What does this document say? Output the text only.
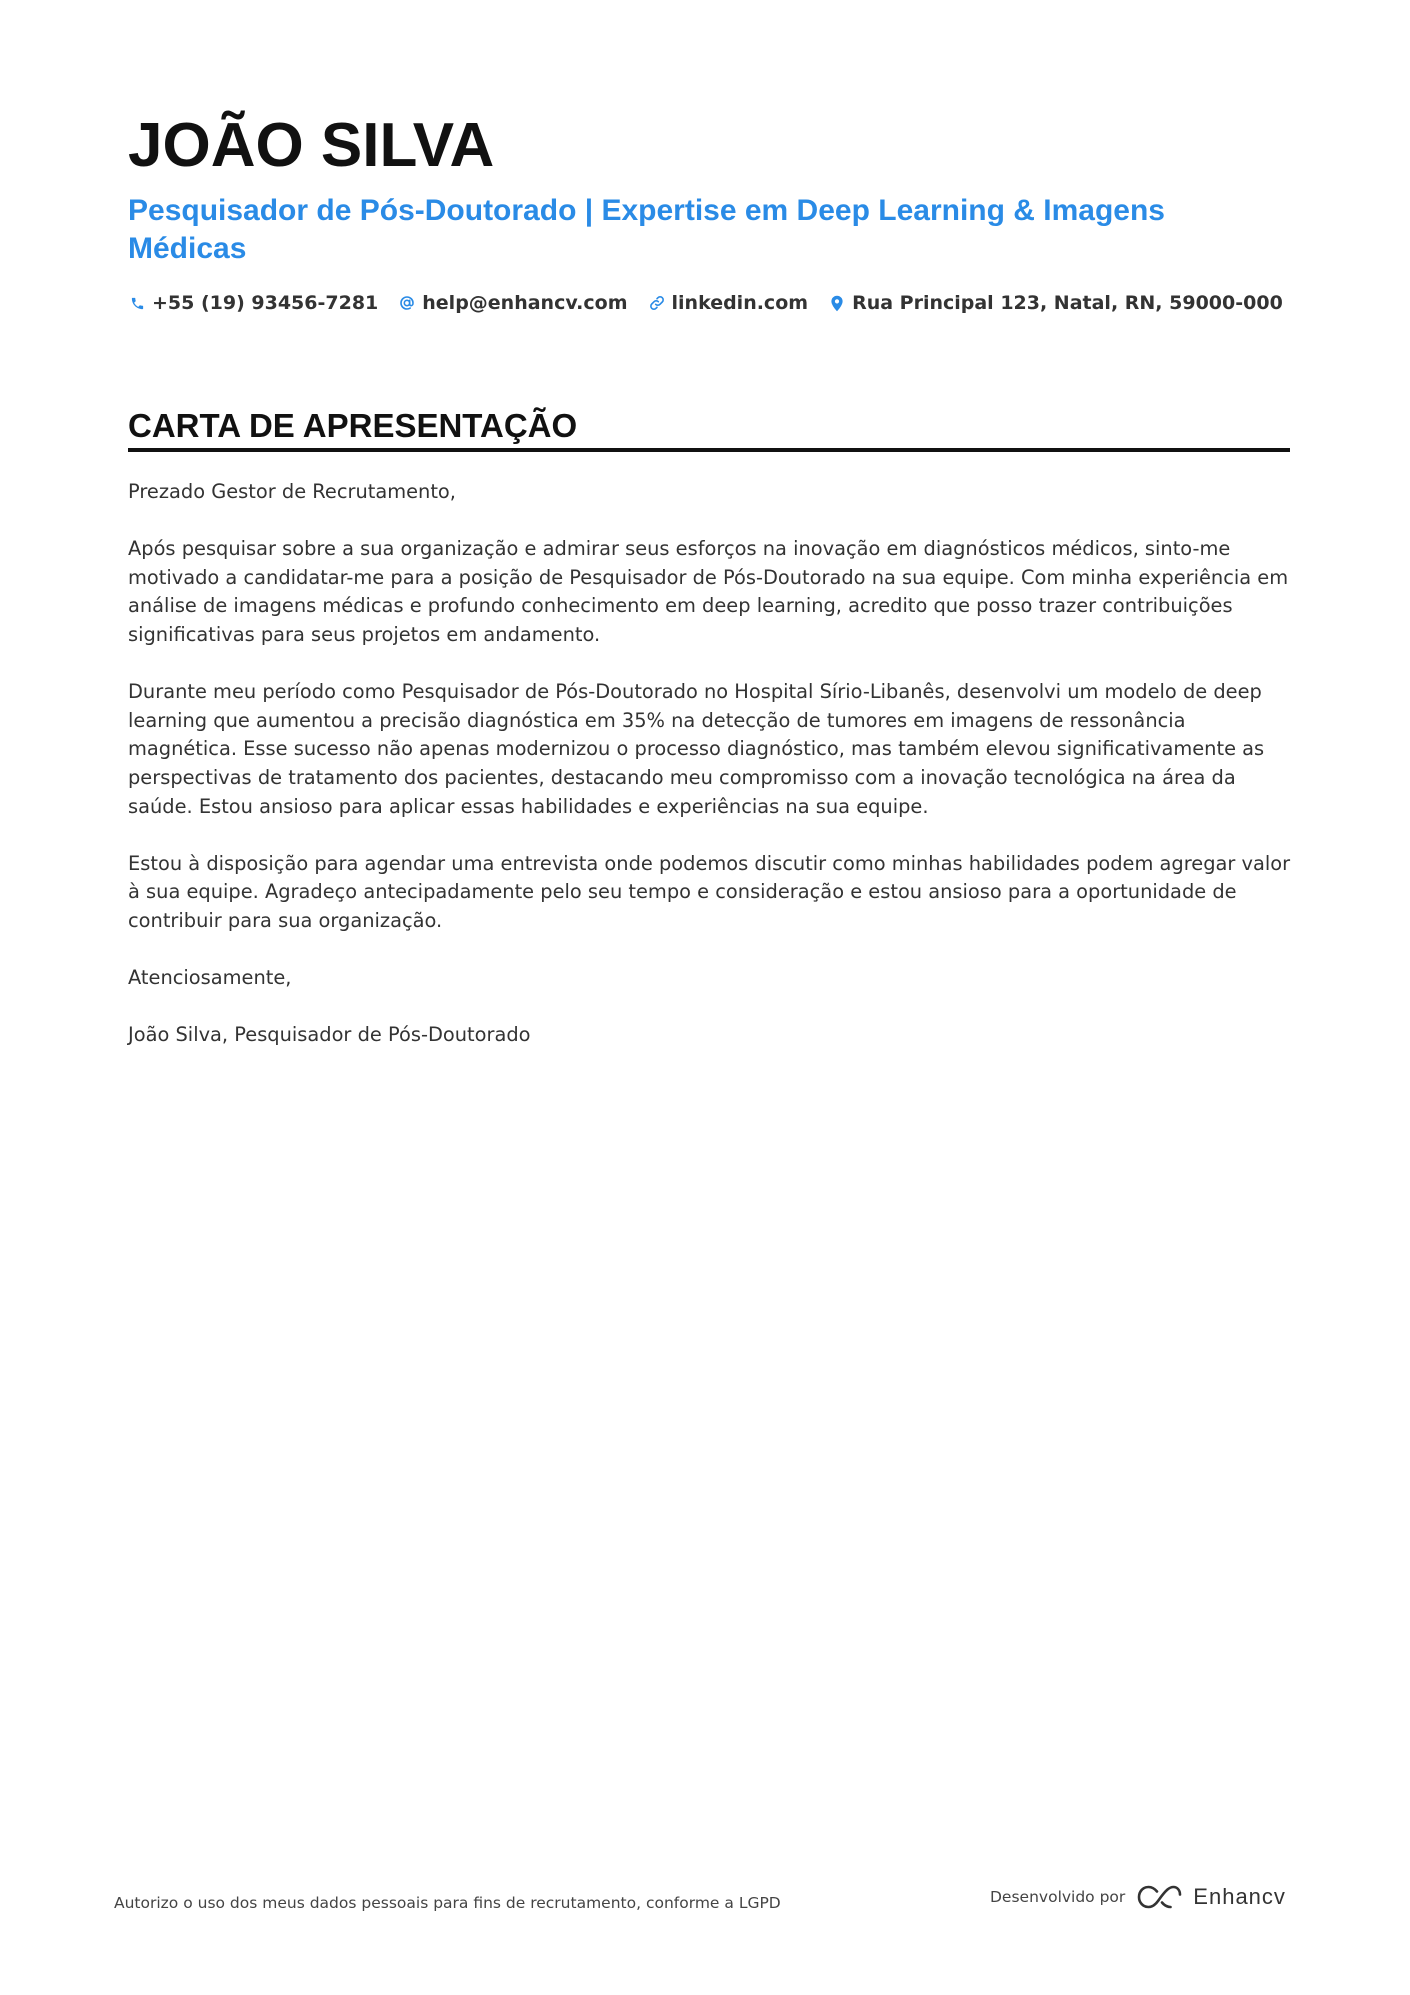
JOÃO SILVA
Pesquisador de Pós-Doutorado | Expertise em Deep Learning & Imagens Médicas
+55 (19) 93456-7281 help@enhancv.com linkedin.com Rua Principal 123, Natal, RN, 59000-000
CARTA DE APRESENTAÇÃO

Prezado Gestor de Recrutamento,

Após pesquisar sobre a sua organização e admirar seus esforços na inovação em diagnósticos médicos, sinto-me motivado a candidatar-me para a posição de Pesquisador de Pós-Doutorado na sua equipe. Com minha experiência em análise de imagens médicas e profundo conhecimento em deep learning, acredito que posso trazer contribuições significativas para seus projetos em andamento.

Durante meu período como Pesquisador de Pós-Doutorado no Hospital Sírio-Libanês, desenvolvi um modelo de deep learning que aumentou a precisão diagnóstica em 35% na detecção de tumores em imagens de ressonância magnética. Esse sucesso não apenas modernizou o processo diagnóstico, mas também elevou significativamente as perspectivas de tratamento dos pacientes, destacando meu compromisso com a inovação tecnológica na área da saúde. Estou ansioso para aplicar essas habilidades e experiências na sua equipe.

Estou à disposição para agendar uma entrevista onde podemos discutir como minhas habilidades podem agregar valor à sua equipe. Agradeço antecipadamente pelo seu tempo e consideração e estou ansioso para a oportunidade de contribuir para sua organização.

Atenciosamente,

João Silva, Pesquisador de Pós-Doutorado

Autorizo o uso dos meus dados pessoais para fins de recrutamento, conforme a LGPD	Desenvolvido por	Enhancv
